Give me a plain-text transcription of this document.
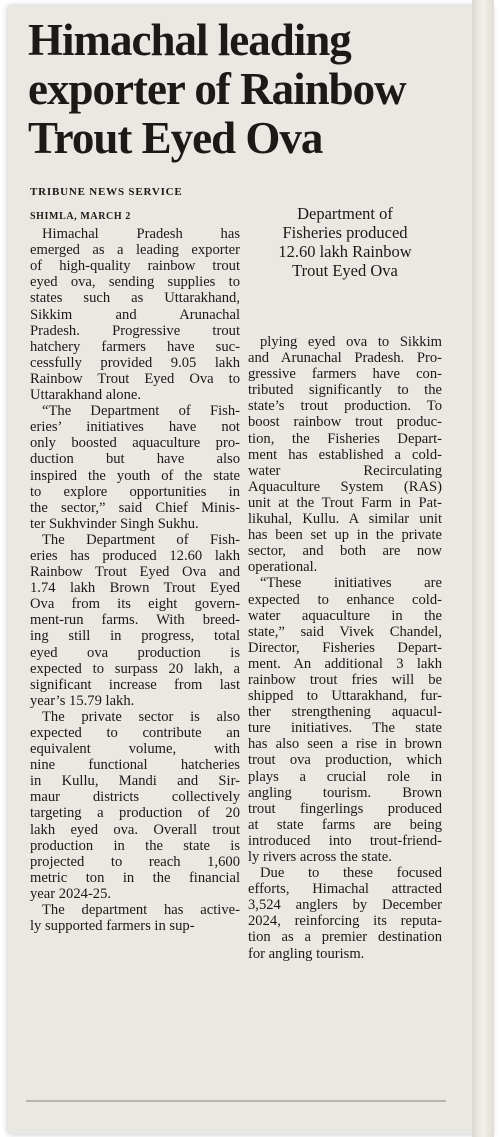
Himachal leading
exporter of Rainbow
Trout Eyed Ova
TRIBUNE NEWS SERVICE
SHIMLA, MARCH 2

Himachal Pradesh has
emerged as a leading exporter
of high-quality rainbow trout
eyed ova, sending supplies to
states such as Uttarakhand,
Sikkim and Arunachal
Pradesh. Progressive trout
hatchery farmers have suc-
cessfully provided 9.05 lakh
Rainbow Trout Eyed Ova to
Uttarakhand alone.

“The Department of Fish-
eries’ initiatives have not
only boosted aquaculture pro-
duction but have also
inspired the youth of the state
to explore opportunities in
the sector,” said Chief Minis-
ter Sukhvinder Singh Sukhu.

The Department of Fish-
eries has produced 12.60 lakh
Rainbow Trout Eyed Ova and
1.74 lakh Brown Trout Eyed
Ova from its eight govern-
ment-run farms. With breed-
ing still in progress, total
eyed ova production is
expected to surpass 20 lakh, a
significant increase from last
year’s 15.79 lakh.

The private sector is also
expected to contribute an
equivalent volume, with
nine functional hatcheries
in Kullu, Mandi and Sir-
maur districts collectively
targeting a production of 20
lakh eyed ova. Overall trout
production in the state is
projected to reach 1,600
metric ton in the financial
year 2024-25.

The department has active-
ly supported farmers in sup-

Department of
Fisheries produced
12.60 lakh Rainbow
Trout Eyed Ova

plying eyed ova to Sikkim
and Arunachal Pradesh. Pro-
gressive farmers have con-
tributed significantly to the
state’s trout production. To
boost rainbow trout produc-
tion, the Fisheries Depart-
ment has established a cold-
water Recirculating
Aquaculture System (RAS)
unit at the Trout Farm in Pat-
likuhal, Kullu. A similar unit
has been set up in the private
sector, and both are now
operational.

“These initiatives are
expected to enhance cold-
water aquaculture in the
state,” said Vivek Chandel,
Director, Fisheries Depart-
ment. An additional 3 lakh
rainbow trout fries will be
shipped to Uttarakhand, fur-
ther strengthening aquacul-
ture initiatives. The state
has also seen a rise in brown
trout ova production, which
plays a crucial role in
angling tourism. Brown
trout fingerlings produced
at state farms are being
introduced into trout-friend-
ly rivers across the state.

Due to these focused
efforts, Himachal attracted
3,524 anglers by December
2024, reinforcing its reputa-
tion as a premier destination
for angling tourism.
